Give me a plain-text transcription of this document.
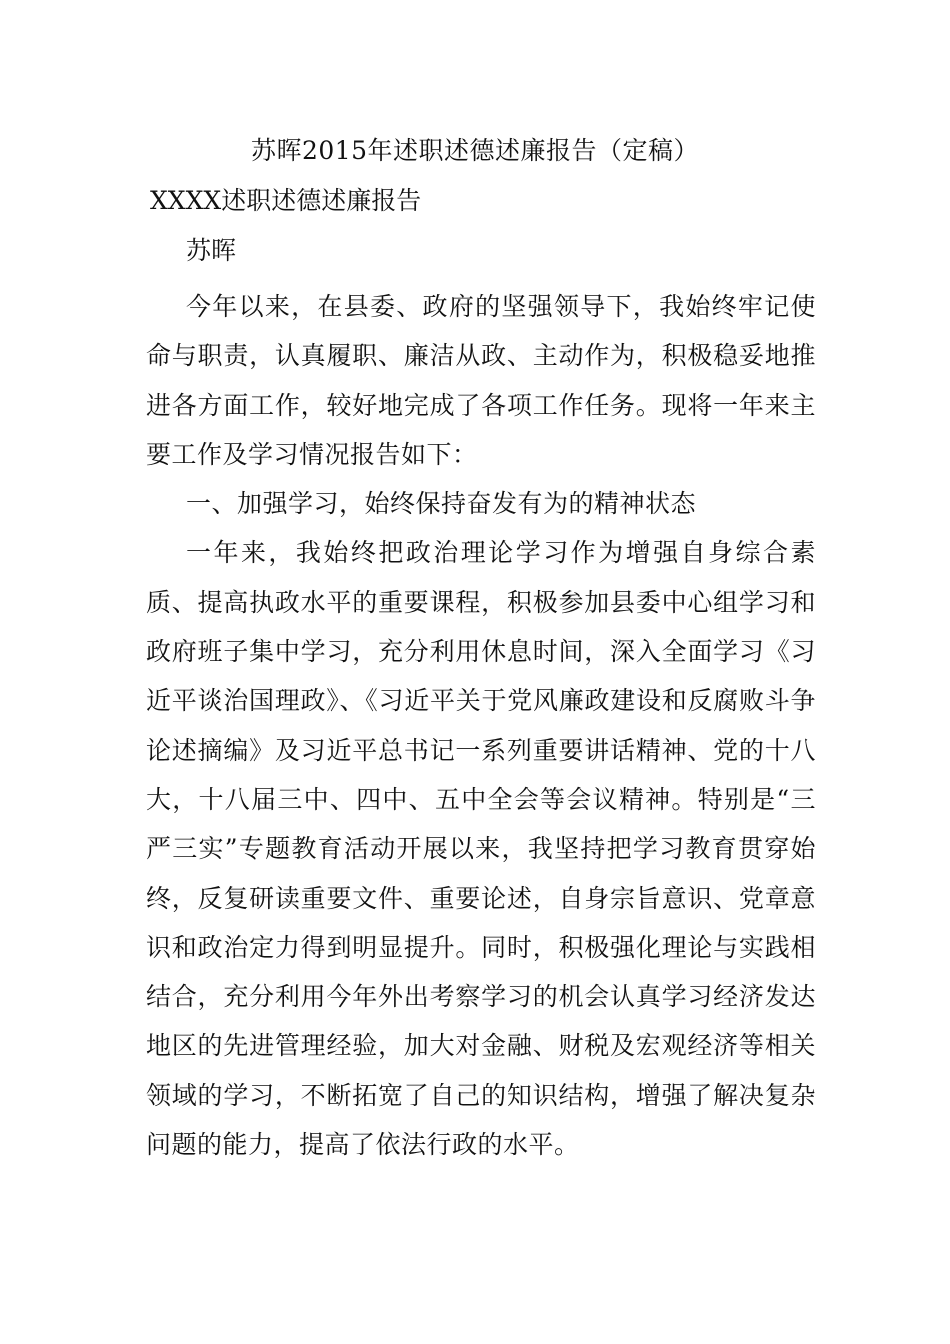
苏晖2015年述职述德述廉报告（定稿）
XXXX述职述德述廉报告
苏晖

今年以来，在县委、政府的坚强领导下，我始终牢记使命与职责，认真履职、廉洁从政、主动作为，积极稳妥地推进各方面工作，较好地完成了各项工作任务。现将一年来主要工作及学习情况报告如下：

一、加强学习，始终保持奋发有为的精神状态

一年来，我始终把政治理论学习作为增强自身综合素质、提高执政水平的重要课程，积极参加县委中心组学习和政府班子集中学习，充分利用休息时间，深入全面学习《习近平谈治国理政》、《习近平关于党风廉政建设和反腐败斗争论述摘编》及习近平总书记一系列重要讲话精神、党的十八大，十八届三中、四中、五中全会等会议精神。特别是“三严三实”专题教育活动开展以来，我坚持把学习教育贯穿始终，反复研读重要文件、重要论述，自身宗旨意识、党章意识和政治定力得到明显提升。同时，积极强化理论与实践相结合，充分利用今年外出考察学习的机会认真学习经济发达地区的先进管理经验，加大对金融、财税及宏观经济等相关领域的学习，不断拓宽了自己的知识结构，增强了解决复杂问题的能力，提高了依法行政的水平。
